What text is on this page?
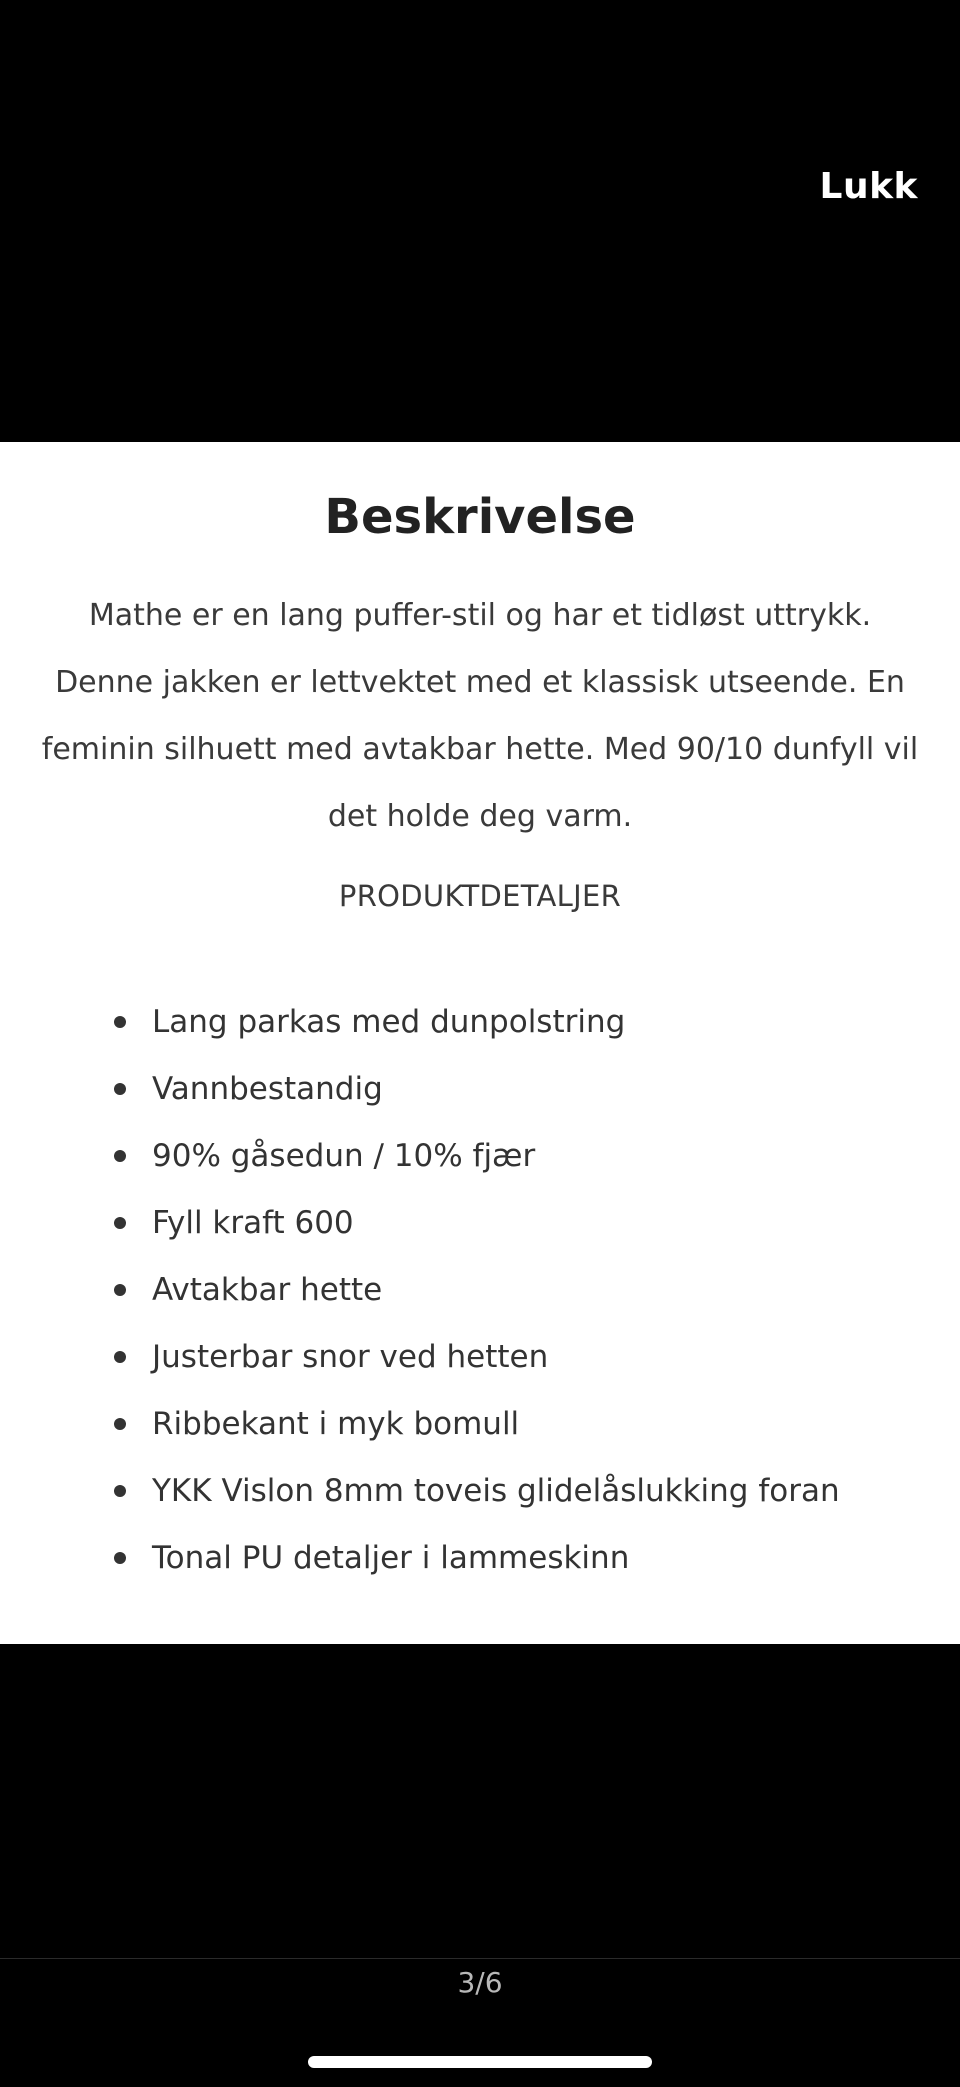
Lukk
Beskrivelse
Mathe er en lang puffer-stil og har et tidløst uttrykk.
Denne jakken er lettvektet med et klassisk utseende. En
feminin silhuett med avtakbar hette. Med 90/10 dunfyll vil
det holde deg varm.
PRODUKTDETALJER
Lang parkas med dunpolstring
Vannbestandig
90% gåsedun / 10% fjær
Fyll kraft 600
Avtakbar hette
Justerbar snor ved hetten
Ribbekant i myk bomull
YKK Vislon 8mm toveis glidelåslukking foran
Tonal PU detaljer i lammeskinn
3/6
